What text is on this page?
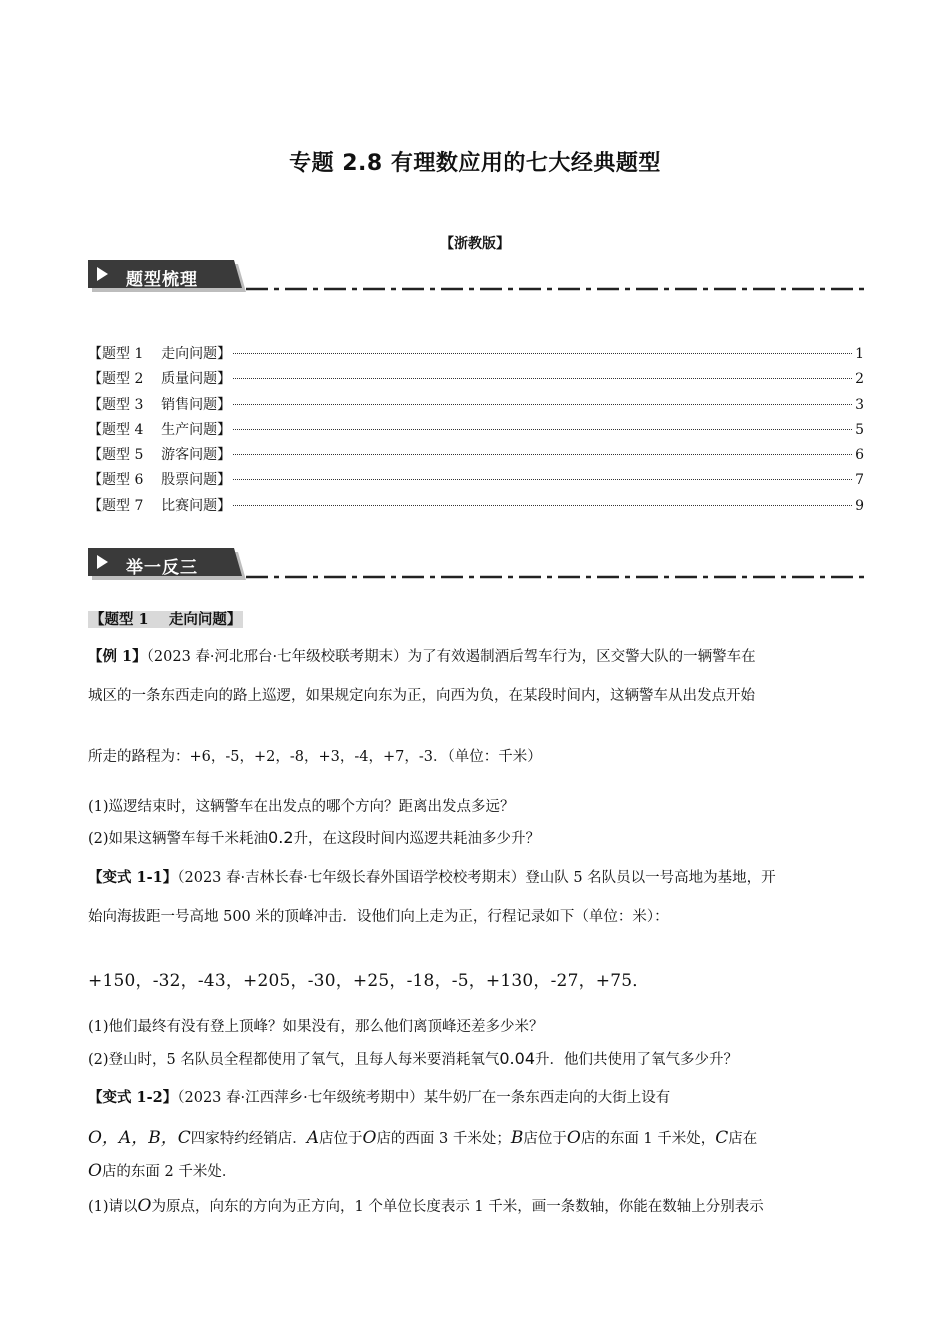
专题 2.8 有理数应用的七大经典题型
【浙教版】
题型梳理
【题型 1    走向问题】	1
【题型 2    质量问题】	2
【题型 3    销售问题】	3
【题型 4    生产问题】	5
【题型 5    游客问题】	6
【题型 6    股票问题】	7
【题型 7    比赛问题】	9
举一反三
【题型 1    走向问题】
【例 1】（2023 春·河北邢台·七年级校联考期末）为了有效遏制酒后驾车行为，区交警大队的一辆警车在
城区的一条东西走向的路上巡逻，如果规定向东为正，向西为负，在某段时间内，这辆警车从出发点开始
所走的路程为：+6，-5，+2，-8，+3，-4，+7，-3．（单位：千米）
(1)巡逻结束时，这辆警车在出发点的哪个方向？距离出发点多远？
(2)如果这辆警车每千米耗油0.2升，在这段时间内巡逻共耗油多少升？
【变式 1-1】（2023 春·吉林长春·七年级长春外国语学校校考期末）登山队 5 名队员以一号高地为基地，开
始向海拔距一号高地 500 米的顶峰冲击．设他们向上走为正，行程记录如下（单位：米）：
+150，-32，-43，+205，-30，+25，-18，-5，+130，-27，+75．
(1)他们最终有没有登上顶峰？如果没有，那么他们离顶峰还差多少米？
(2)登山时，5 名队员全程都使用了氧气，且每人每米要消耗氧气0.04升．他们共使用了氧气多少升？
【变式 1-2】（2023 春·江西萍乡·七年级统考期中）某牛奶厂在一条东西走向的大街上设有
O，A，B，C四家特约经销店．A店位于O店的西面 3 千米处；B店位于O店的东面 1 千米处，C店在
O店的东面 2 千米处．
(1)请以O为原点，向东的方向为正方向，1 个单位长度表示 1 千米，画一条数轴，你能在数轴上分别表示
